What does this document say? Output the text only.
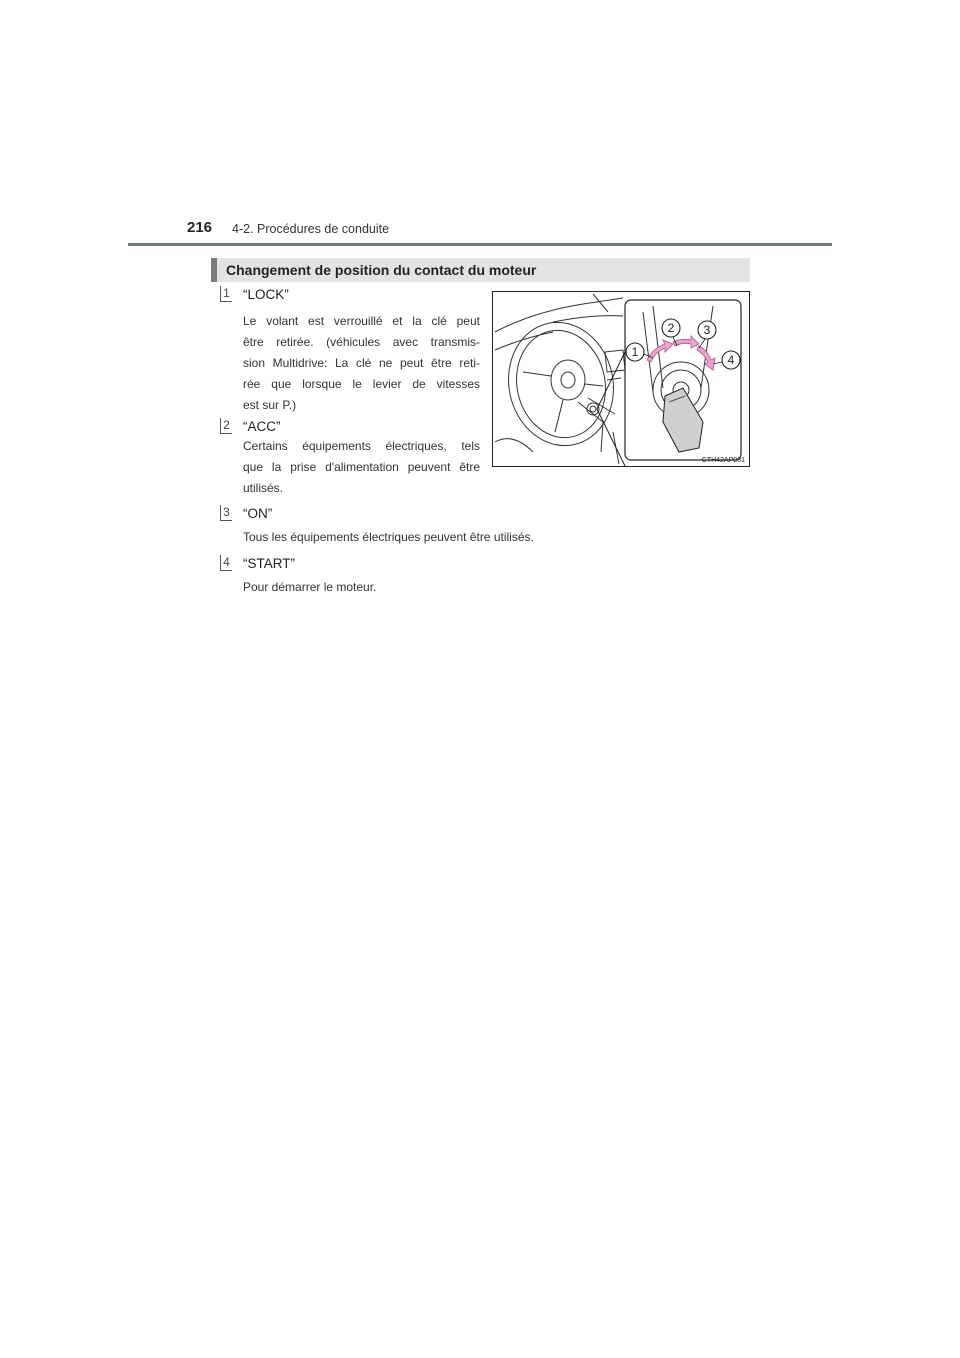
216 4-2. Procédures de conduite
Changement de position du contact du moteur
1 “LOCK”
Le volant est verrouillé et la clé peut
être retirée. (véhicules avec transmis-
sion Multidrive: La clé ne peut être reti-
rée que lorsque le levier de vitesses
est sur P.)
2 “ACC”
Certains équipements électriques, tels
que la prise d'alimentation peuvent être
utilisés.
3 “ON”
Tous les équipements électriques peuvent être utilisés.
4 “START”
Pour démarrer le moteur.
1
2 3
4
CTH42AP081
